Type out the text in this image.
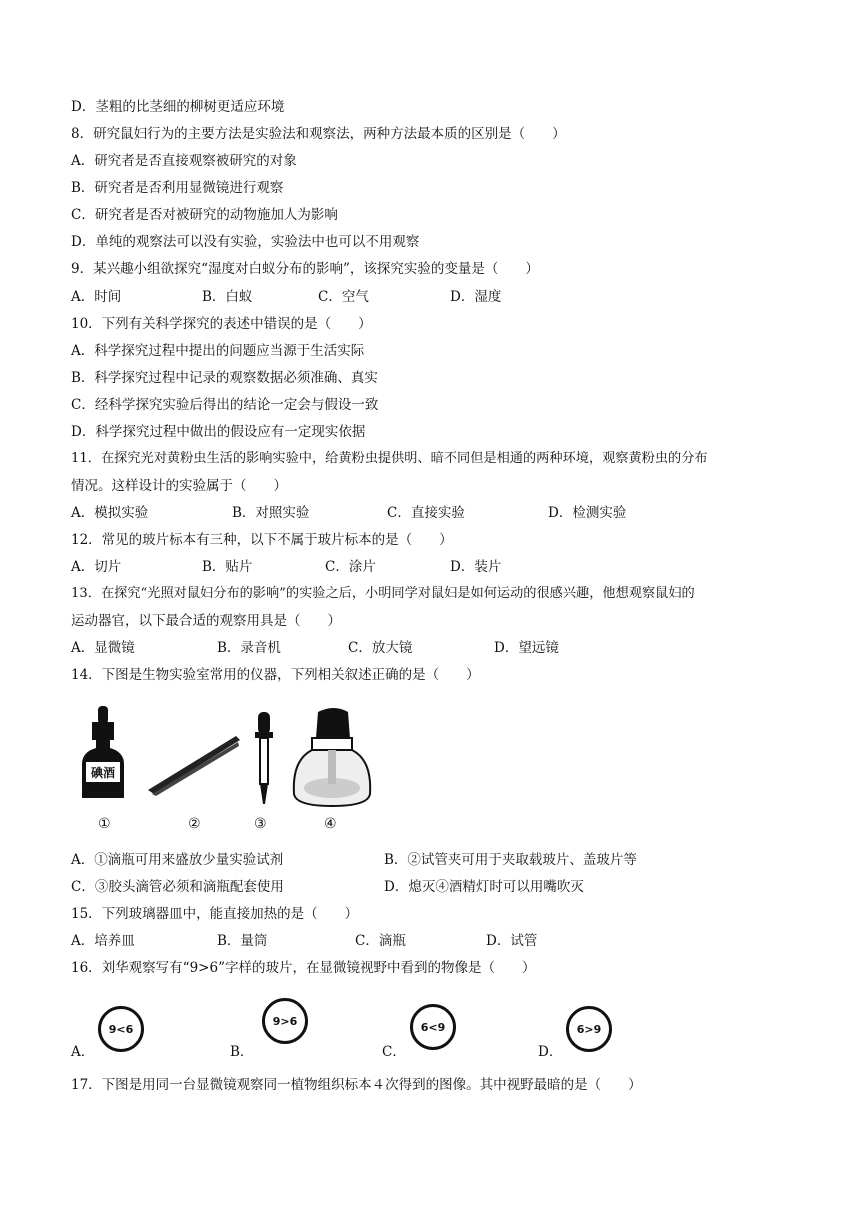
D．茎粗的比茎细的柳树更适应环境
8．研究鼠妇行为的主要方法是实验法和观察法，两种方法最本质的区别是（　　）
A．研究者是否直接观察被研究的对象
B．研究者是否利用显微镜进行观察
C．研究者是否对被研究的动物施加人为影响
D．单纯的观察法可以没有实验，实验法中也可以不用观察
9．某兴趣小组欲探究“湿度对白蚁分布的影响”，该探究实验的变量是（　　）
A．时间	B．白蚁	C．空气	D．湿度
10．下列有关科学探究的表述中错误的是（　　）
A．科学探究过程中提出的问题应当源于生活实际
B．科学探究过程中记录的观察数据必须准确、真实
C．经科学探究实验后得出的结论一定会与假设一致
D．科学探究过程中做出的假设应有一定现实依据
11．在探究光对黄粉虫生活的影响实验中，给黄粉虫提供明、暗不同但是相通的两种环境，观察黄粉虫的分布
情况。这样设计的实验属于（　　）
A．模拟实验	B．对照实验	C．直接实验	D．检测实验
12．常见的玻片标本有三种，以下不属于玻片标本的是（　　）
A．切片	B．贴片	C．涂片	D．装片
13．在探究“光照对鼠妇分布的影响”的实验之后，小明同学对鼠妇是如何运动的很感兴趣，他想观察鼠妇的
运动器官，以下最合适的观察用具是（　　）
A．显微镜	B．录音机	C．放大镜	D．望远镜
14．下图是生物实验室常用的仪器，下列相关叙述正确的是（　　）
碘酒
①	②	③	④
A．①滴瓶可用来盛放少量实验试剂	B．②试管夹可用于夹取载玻片、盖玻片等
C．③胶头滴管必须和滴瓶配套使用	D．熄灭④酒精灯时可以用嘴吹灭
15．下列玻璃器皿中，能直接加热的是（　　）
A．培养皿	B．量筒	C．滴瓶	D．试管
16．刘华观察写有“9>6”字样的玻片，在显微镜视野中看到的物像是（　　）
A．
9<6
B．
9>6
C．
6<9
D．
6>9
17．下图是用同一台显微镜观察同一植物组织标本４次得到的图像。其中视野最暗的是（　　）
